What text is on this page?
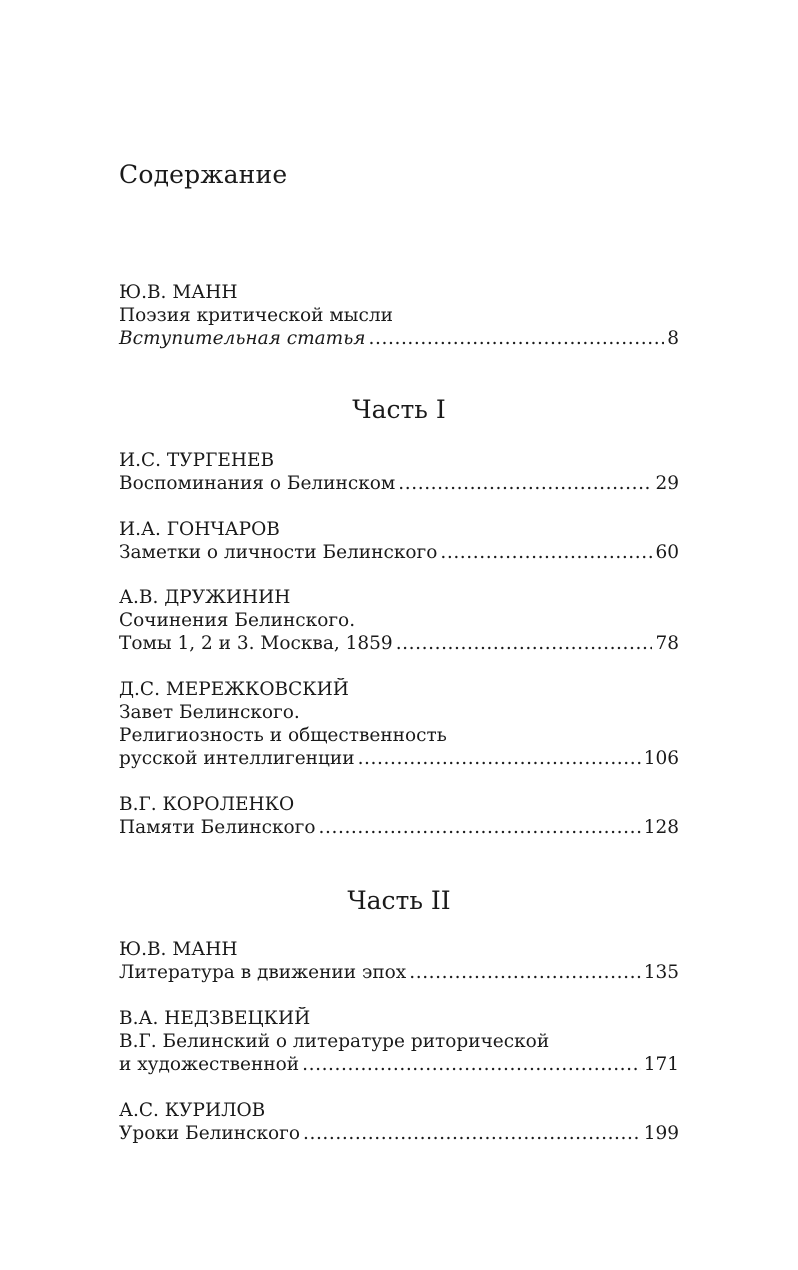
Содержание
Ю.В. МАНН
Поэзия критической мысли
Вступительная статья .....	8
Часть I
И.С. ТУРГЕНЕВ
Воспоминания о Белинском .....	29
И.А. ГОНЧАРОВ
Заметки о личности Белинского .....	60
А.В. ДРУЖИНИН
Сочинения Белинского.
Томы 1, 2 и 3. Москва, 1859 .....	78
Д.С. МЕРЕЖКОВСКИЙ
Завет Белинского.
Религиозность и общественность
русской интеллигенции .....	106
В.Г. КОРОЛЕНКО
Памяти Белинского .....	128
Часть II
Ю.В. МАНН
Литература в движении эпох .....	135
В.А. НЕДЗВЕЦКИЙ
В.Г. Белинский о литературе риторической
и художественной .....	171
А.С. КУРИЛОВ
Уроки Белинского .....	199
